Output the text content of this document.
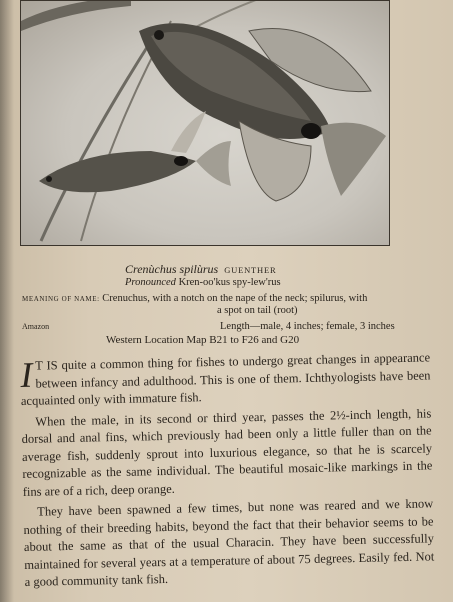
Crenùchus spilùrus GUENTHER
Pronounced Kren-oo'kus spy-lew'rus
MEANING OF NAME: Crenuchus, with a notch on the nape of the neck; spilurus, with
a spot on tail (root)
Amazon	Length—male, 4 inches; female, 3 inches
Western Location Map B21 to F26 and G20

I T IS quite a common thing for fishes to undergo great changes in appearance between infancy and adulthood. This is one of them. Ichthyologists have been acquainted only with immature fish.

When the male, in its second or third year, passes the 2½-inch length, his dorsal and anal fins, which previously had been only a little fuller than on the average fish, suddenly sprout into luxurious elegance, so that he is scarcely recognizable as the same individual. The beautiful mosaic-like markings in the fins are of a rich, deep orange.

They have been spawned a few times, but none was reared and we know nothing of their breeding habits, beyond the fact that their behavior seems to be about the same as that of the usual Characin. They have been successfully maintained for several years at a temperature of about 75 degrees. Easily fed. Not a good community tank fish.
